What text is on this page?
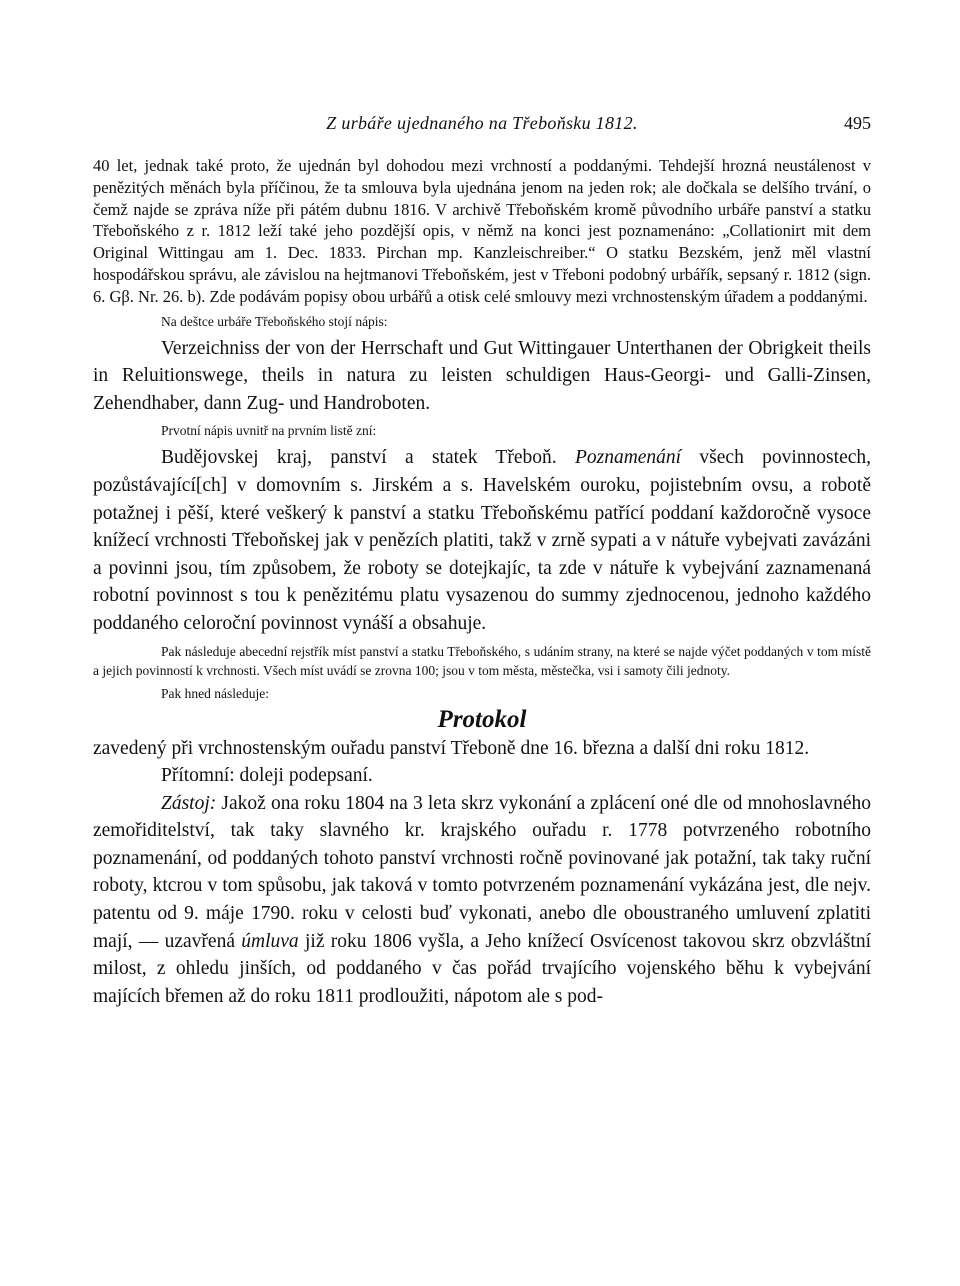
Z urbáře ujednaného na Třeboňsku 1812.	495

40 let, jednak také proto, že ujednán byl dohodou mezi vrchností a poddanými. Tehdejší hrozná neustálenost v penězitých měnách byla příčinou, že ta smlouva byla ujednána jenom na jeden rok; ale dočkala se delšího trvání, o čemž najde se zpráva níže při pátém dubnu 1816. V archivě Třeboňském kromě původního urbáře panství a statku Třeboňského z r. 1812 leží také jeho pozdější opis, v němž na konci jest poznamenáno: „Collationirt mit dem Original Wittingau am 1. Dec. 1833. Pirchan mp. Kanzleischreiber.“ O statku Bezském, jenž měl vlastní hospodářskou správu, ale závislou na hejtmanovi Třeboňském, jest v Třeboni podobný urbářík, sepsaný r. 1812 (sign. 6. Gβ. Nr. 26. b). Zde podávám popisy obou urbářů a otisk celé smlouvy mezi vrchnostenským úřadem a poddanými.

Na deštce urbáře Třeboňského stojí nápis:

Verzeichniss der von der Herrschaft und Gut Wittingauer Unterthanen der Obrigkeit theils in Reluitionswege, theils in natura zu leisten schuldigen Haus-Georgi- und Galli-Zinsen, Zehendhaber, dann Zug- und Handroboten.

Prvotní nápis uvnitř na prvním listě zní:

Budějovskej kraj, panství a statek Třeboň. Poznamenání všech povinnostech, pozůstávající[ch] v domovním s. Jirském a s. Havelském ouroku, pojistebním ovsu, a robotě potažnej i pěší, které veškerý k panství a statku Třeboňskému patřící poddaní každoročně vysoce knížecí vrchnosti Třeboňskej jak v penězích platiti, takž v zrně sypati a v nátuře vybejvati zavázáni a povinni jsou, tím způsobem, že roboty se dotejkajíc, ta zde v nátuře k vybejvání zaznamenaná robotní povinnost s tou k penězitému platu vysazenou do summy zjednocenou, jednoho každého poddaného celoroční povinnost vynáší a obsahuje.

Pak následuje abecední rejstřík míst panství a statku Třeboňského, s udáním strany, na které se najde výčet poddaných v tom místě a jejich povinností k vrchnosti. Všech míst uvádí se zrovna 100; jsou v tom města, městečka, vsi i samoty čili jednoty.

Pak hned následuje:

Protokol

zavedený při vrchnostenským ouřadu panství Třeboně dne 16. března a další dni roku 1812.

Přítomní: doleji podepsaní.

Zástoj: Jakož ona roku 1804 na 3 leta skrz vykonání a zplácení oné dle od mnohoslavného zemořiditelství, tak taky slavného kr. krajského ouřadu r. 1778 potvrzeného robotního poznamenání, od poddaných tohoto panství vrchnosti ročně povinované jak potažní, tak taky ruční roboty, ktcrou v tom spůsobu, jak taková v tomto potvrzeném poznamenání vykázána jest, dle nejv. patentu od 9. máje 1790. roku v celosti buď vykonati, anebo dle oboustraného umluvení zplatiti mají, — uzavřená úmluva již roku 1806 vyšla, a Jeho knížecí Osvícenost takovou skrz obzvláštní milost, z ohledu jinších, od poddaného v čas pořád trvajícího vojenského běhu k vybejvání majících břemen až do roku 1811 prodloužiti, nápotom ale s pod-
